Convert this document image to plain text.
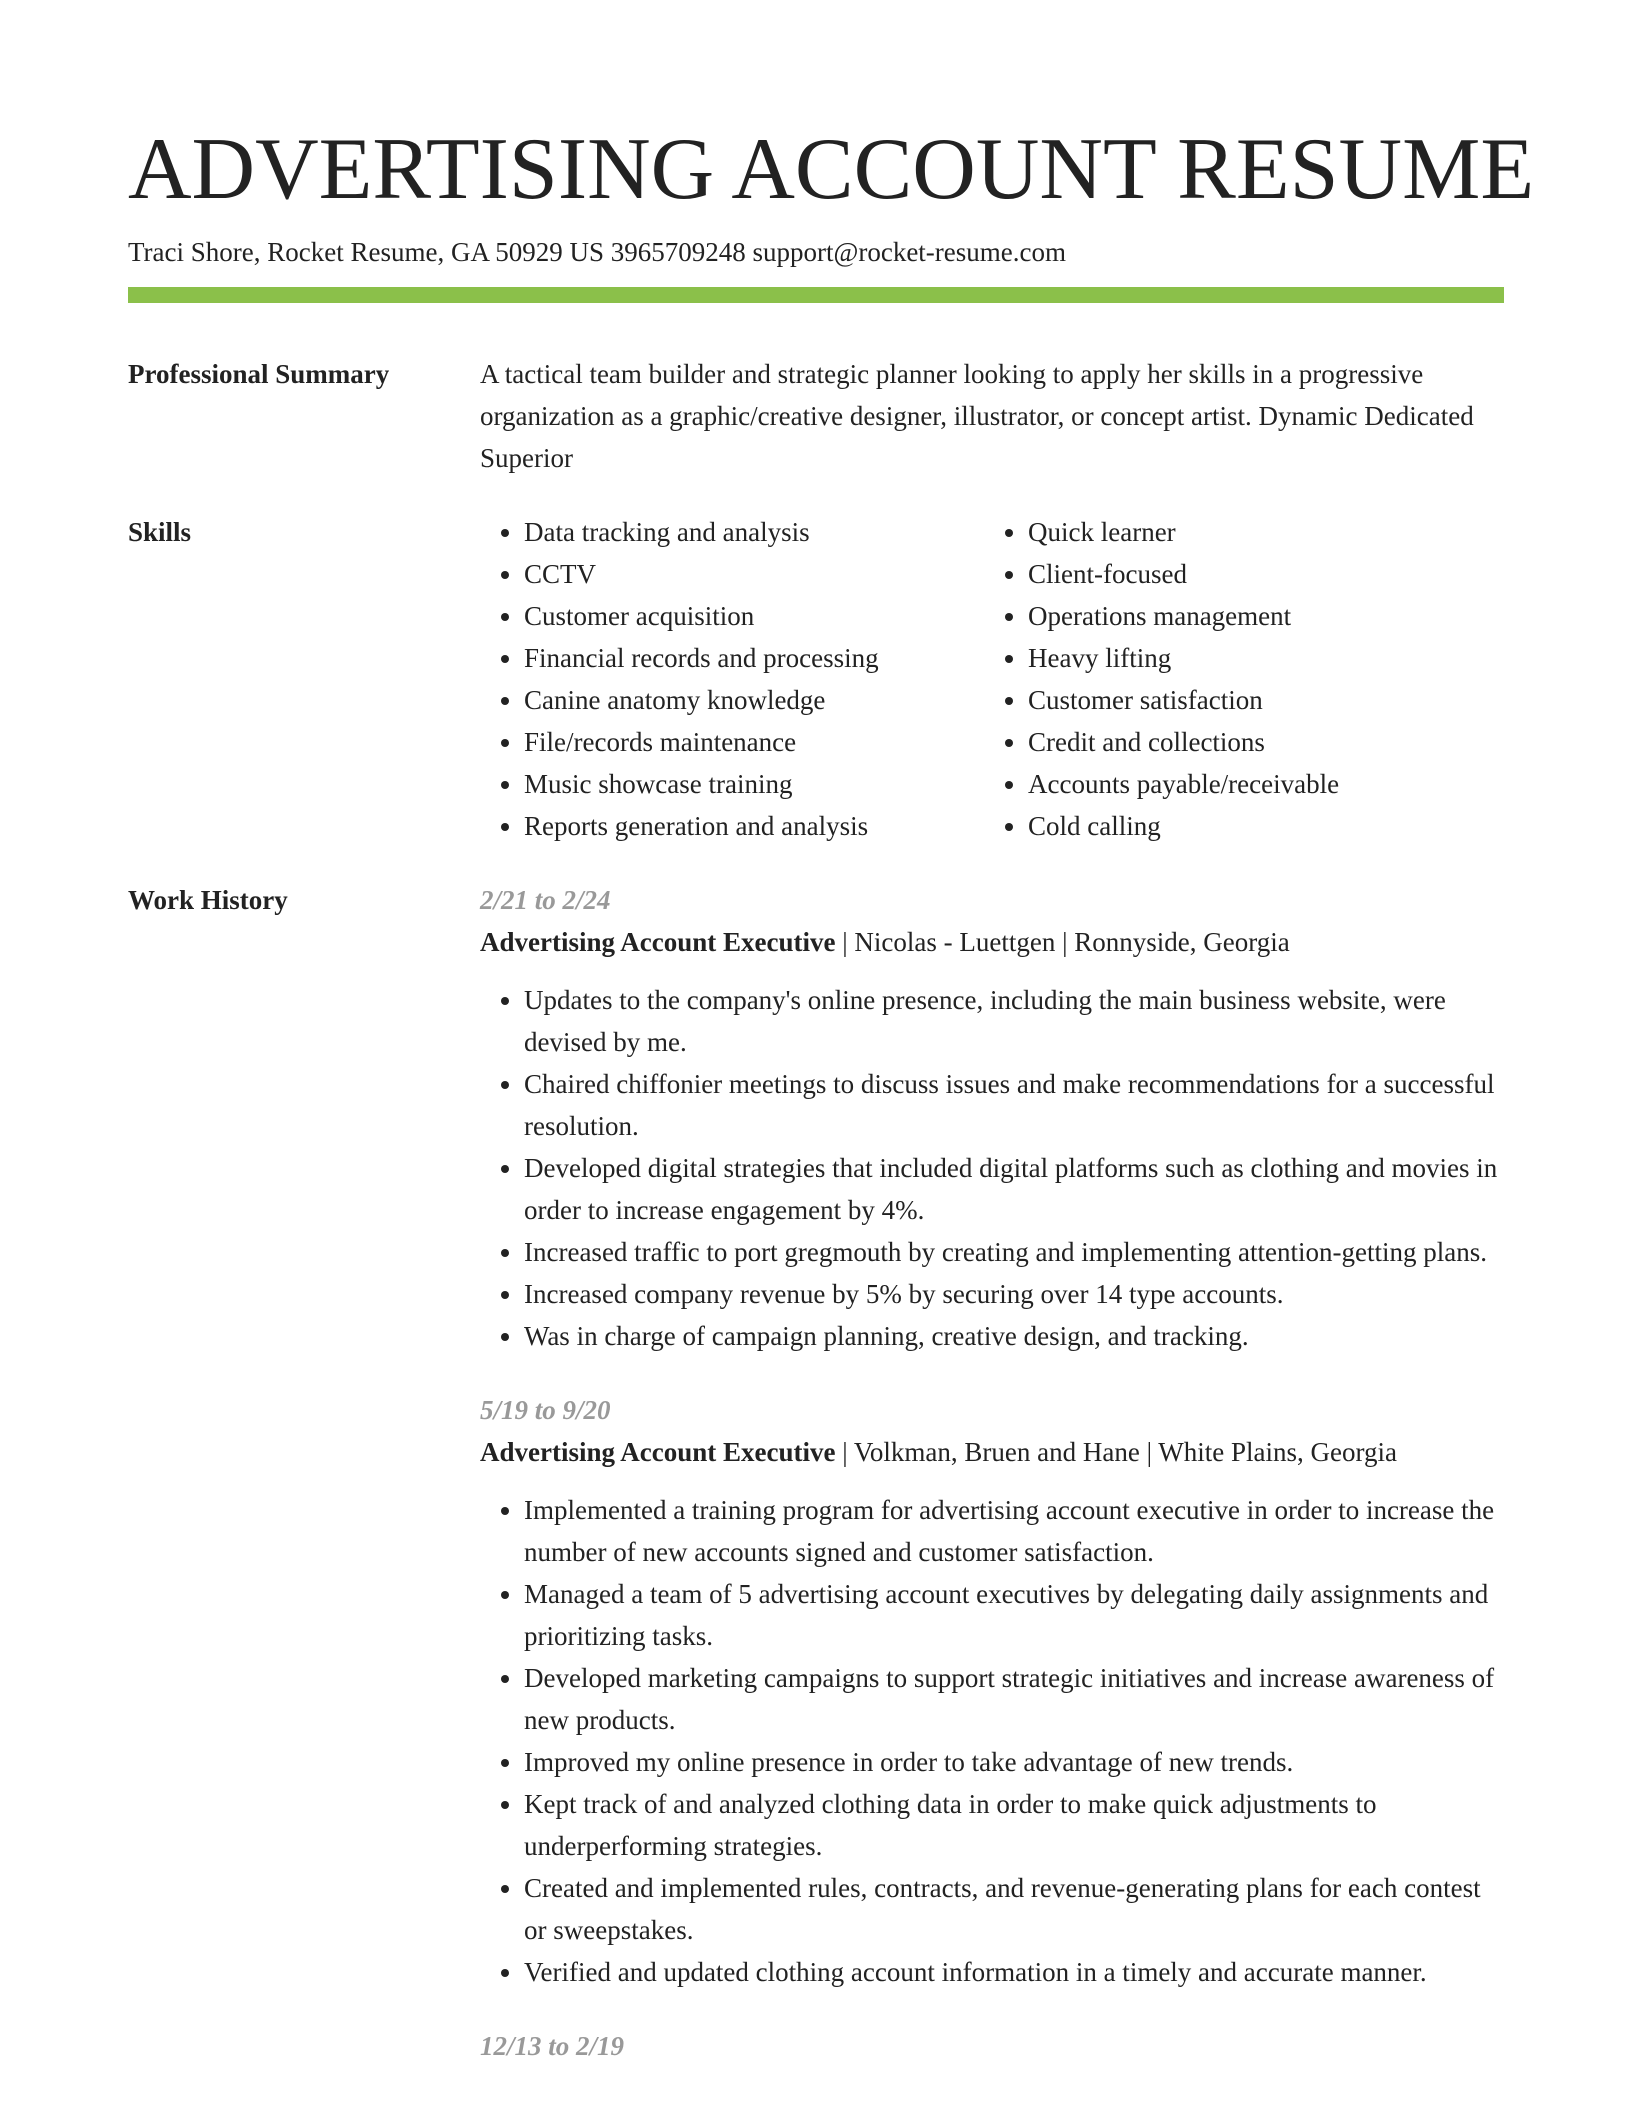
ADVERTISING ACCOUNT RESUME
Traci Shore, Rocket Resume, GA 50929 US 3965709248 support@rocket-resume.com
Professional Summary	A tactical team builder and strategic planner looking to apply her skills in a progressive organization as a graphic/creative designer, illustrator, or concept artist. Dynamic Dedicated Superior
Skills
•	Data tracking and analysis
• CCTV
• Customer acquisition
• Financial records and processing
• Canine anatomy knowledge
• File/records maintenance
• Music showcase training
• Reports generation and analysis
• Quick learner
• Client-focused
• Operations management
• Heavy lifting
• Customer satisfaction
• Credit and collections
• Accounts payable/receivable
• Cold calling
Work History	2/21 to 2/24
Advertising Account Executive | Nicolas - Luettgen | Ronnyside, Georgia
• Updates to the company's online presence, including the main business website, were devised by me.
• Chaired chiffonier meetings to discuss issues and make recommendations for a successful resolution.
• Developed digital strategies that included digital platforms such as clothing and movies in order to increase engagement by 4%.
• Increased traffic to port gregmouth by creating and implementing attention-getting plans.
• Increased company revenue by 5% by securing over 14 type accounts.
• Was in charge of campaign planning, creative design, and tracking.
5/19 to 9/20
Advertising Account Executive | Volkman, Bruen and Hane | White Plains, Georgia
• Implemented a training program for advertising account executive in order to increase the number of new accounts signed and customer satisfaction.
• Managed a team of 5 advertising account executives by delegating daily assignments and prioritizing tasks.
• Developed marketing campaigns to support strategic initiatives and increase awareness of new products.
• Improved my online presence in order to take advantage of new trends.
• Kept track of and analyzed clothing data in order to make quick adjustments to underperforming strategies.
• Created and implemented rules, contracts, and revenue-generating plans for each contest or sweepstakes.
• Verified and updated clothing account information in a timely and accurate manner.
12/13 to 2/19
